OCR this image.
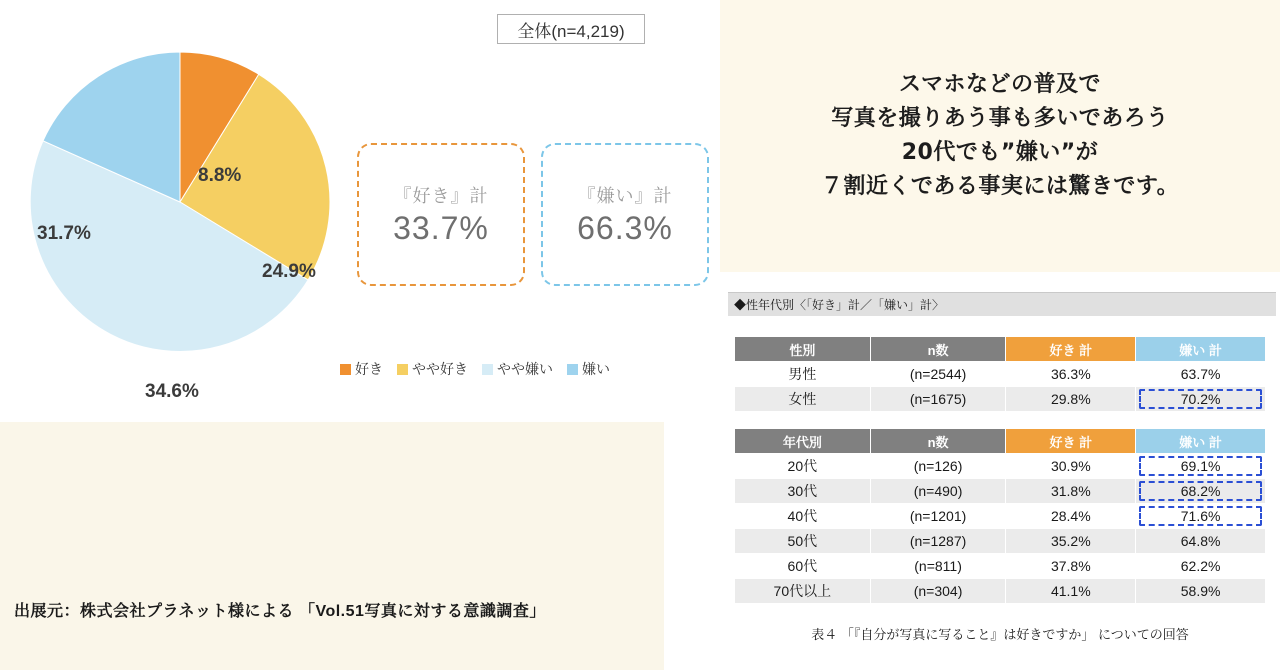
全体(n=4,219)
8.8%
24.9%
34.6%
31.7%
好き やや好き やや嫌い 嫌い
『好き』計
33.7%
『嫌い』計
66.3%
出展元：株式会社プラネット様による 「Vol.51写真に対する意識調査」
スマホなどの普及で
写真を撮りあう事も多いであろう
20代でも”嫌い”が
７割近くである事実には驚きです。
◆性年代別〈「好き」計／「嫌い」計〉
性別	n数	好き 計	嫌い 計
男性	(n=2544)	36.3%	63.7%
女性	(n=1675)	29.8%	70.2%
年代別	n数	好き 計	嫌い 計
20代	(n=126)	30.9%	69.1%

30代	(n=490)	31.8%	68.2%

40代	(n=1201)	28.4%	71.6%

50代	(n=1287)	35.2%	64.8%
60代	(n=811)	37.8%	62.2%
70代以上	(n=304)	41.1%	58.9%
表４ 「『自分が写真に写ること』は好きですか」 についての回答
